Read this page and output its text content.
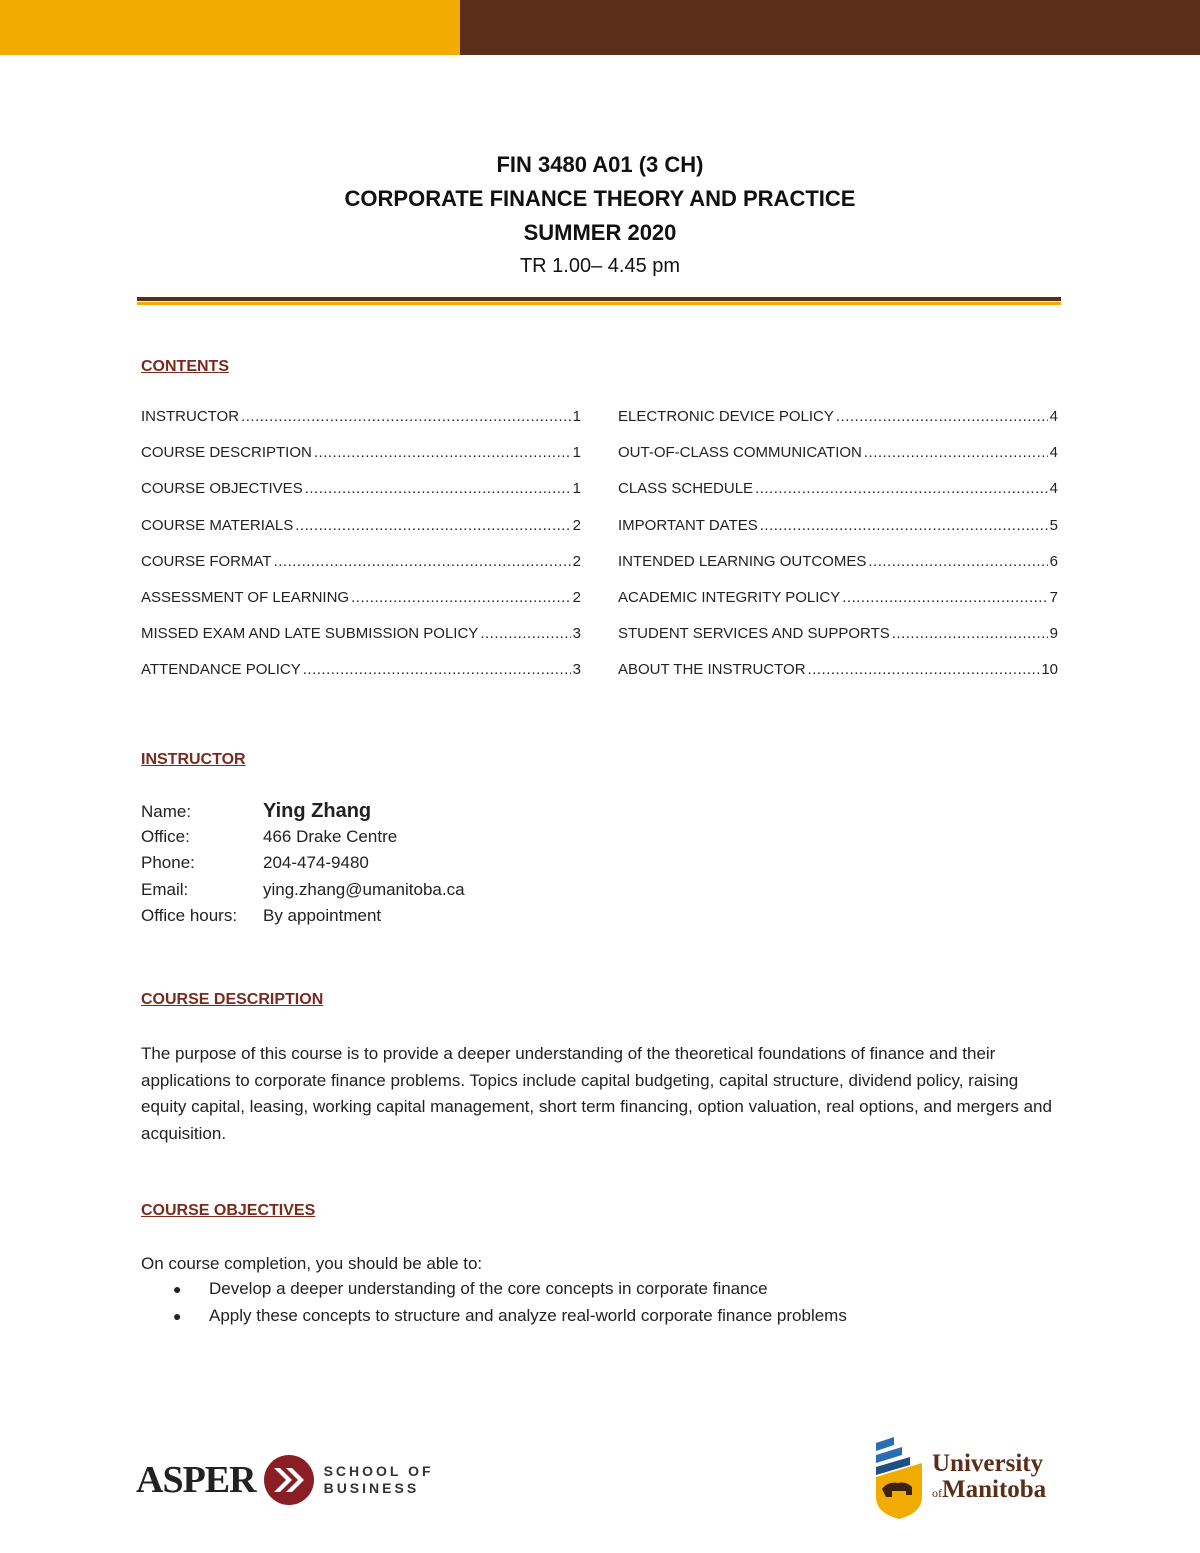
FIN 3480 A01 (3 CH)
CORPORATE FINANCE THEORY AND PRACTICE
SUMMER 2020
TR 1.00– 4.45 pm
CONTENTS
INSTRUCTOR .....	1
COURSE DESCRIPTION .....	1
COURSE OBJECTIVES .....	1
COURSE MATERIALS .....	2
COURSE FORMAT .....	2
ASSESSMENT OF LEARNING .....	2
MISSED EXAM AND LATE SUBMISSION POLICY .....	3
ATTENDANCE POLICY .....	3
ELECTRONIC DEVICE POLICY .....	4
OUT-OF-CLASS COMMUNICATION .....	4
CLASS SCHEDULE .....	4
IMPORTANT DATES .....	5
INTENDED LEARNING OUTCOMES .....	6
ACADEMIC INTEGRITY POLICY .....	7
STUDENT SERVICES AND SUPPORTS .....	9
ABOUT THE INSTRUCTOR .....	10
INSTRUCTOR
Name:	Ying Zhang
Office:	466 Drake Centre
Phone:	204-474-9480
Email:	ying.zhang@umanitoba.ca
Office hours:	By appointment
COURSE DESCRIPTION
The purpose of this course is to provide a deeper understanding of the theoretical foundations of finance and their applications to corporate finance problems. Topics include capital budgeting, capital structure, dividend policy, raising equity capital, leasing, working capital management, short term financing, option valuation, real options, and mergers and acquisition.
COURSE OBJECTIVES
On course completion, you should be able to:
●	Develop a deeper understanding of the core concepts in corporate finance
●	Apply these concepts to structure and analyze real-world corporate finance problems
ASPER	SCHOOL OF
BUSINESS
University
ofManitoba
